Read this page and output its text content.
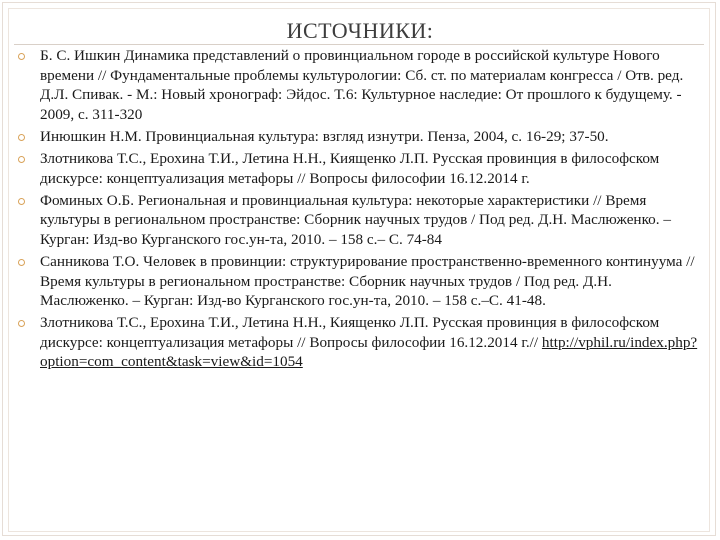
ИСТОЧНИКИ:
Б. С. Ишкин Динамика представлений о провинциальном городе в российской культуре Нового времени // Фундаментальные проблемы культурологии: Сб. ст. по материалам конгресса / Отв. ред. Д.Л. Спивак. - М.: Новый хронограф: Эйдос. Т.6: Культурное наследие: От прошлого к будущему. - 2009, с. 311-320
Инюшкин Н.М. Провинциальная культура: взгляд изнутри. Пенза, 2004, с. 16-29; 37-50.
Злотникова Т.С., Ерохина Т.И., Летина Н.Н., Киященко Л.П. Русская провинция в философском дискурсе: концептуализация метафоры // Вопросы философии 16.12.2014 г.
Фоминых О.Б. Региональная и провинциальная культура: некоторые характеристики // Время культуры в региональном пространстве: Сборник научных трудов / Под ред. Д.Н. Маслюженко. – Курган: Изд-во Курганского гос.ун-та, 2010. – 158 с.– С. 74-84
Санникова Т.О. Человек в провинции: структурирование пространственно-временного континуума // Время культуры в региональном пространстве: Сборник научных трудов / Под ред. Д.Н. Маслюженко. – Курган: Изд-во Курганского гос.ун-та, 2010. – 158 с.–С. 41-48.
Злотникова Т.С., Ерохина Т.И., Летина Н.Н., Киященко Л.П. Русская провинция в философском дискурсе: концептуализация метафоры // Вопросы философии 16.12.2014 г.// http://vphil.ru/index.php?option=com_content&task=view&id=1054
